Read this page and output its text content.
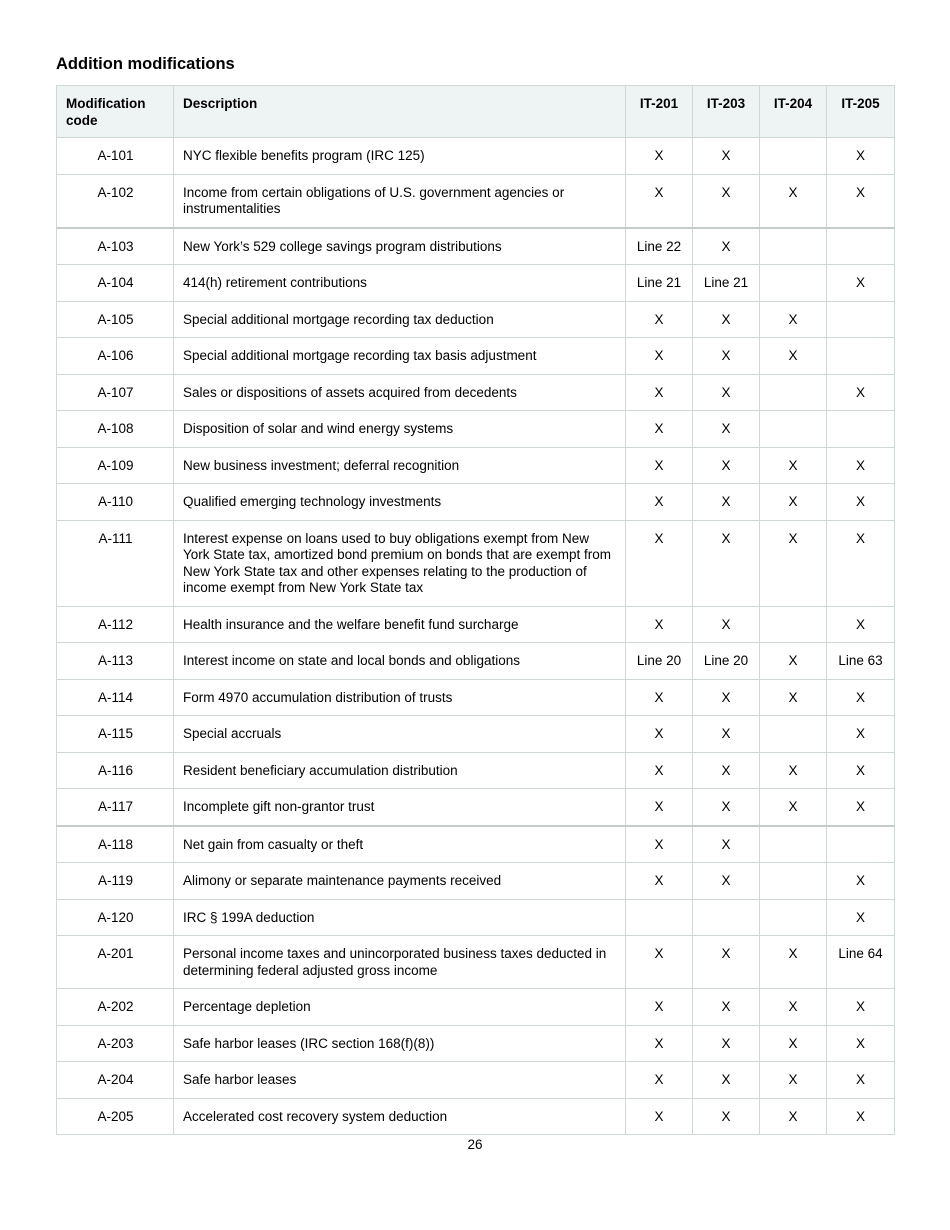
Addition modifications
Modification code	Description	IT-201	IT-203	IT-204	IT-205
A-101	NYC flexible benefits program (IRC 125)	X	X		X
A-102	Income from certain obligations of U.S. government agencies or instrumentalities	X	X	X	X
A-103	New York’s 529 college savings program distributions	Line 22	X		
A-104	414(h) retirement contributions	Line 21	Line 21		X
A-105	Special additional mortgage recording tax deduction	X	X	X	
A-106	Special additional mortgage recording tax basis adjustment	X	X	X	
A-107	Sales or dispositions of assets acquired from decedents	X	X		X
A-108	Disposition of solar and wind energy systems	X	X		
A-109	New business investment; deferral recognition	X	X	X	X
A-110	Qualified emerging technology investments	X	X	X	X
A-111	Interest expense on loans used to buy obligations exempt from New York State tax, amortized bond premium on bonds that are exempt from New York State tax and other expenses relating to the production of income exempt from New York State tax	X	X	X	X
A-112	Health insurance and the welfare benefit fund surcharge	X	X		X
A-113	Interest income on state and local bonds and obligations	Line 20	Line 20	X	Line 63
A-114	Form 4970 accumulation distribution of trusts	X	X	X	X
A-115	Special accruals	X	X		X
A-116	Resident beneficiary accumulation distribution	X	X	X	X
A-117	Incomplete gift non-grantor trust	X	X	X	X
A-118	Net gain from casualty or theft	X	X		
A-119	Alimony or separate maintenance payments received	X	X		X
A-120	IRC § 199A deduction				X
A-201	Personal income taxes and unincorporated business taxes deducted in determining federal adjusted gross income	X	X	X	Line 64
A-202	Percentage depletion	X	X	X	X
A-203	Safe harbor leases (IRC section 168(f)(8))	X	X	X	X
A-204	Safe harbor leases	X	X	X	X
A-205	Accelerated cost recovery system deduction	X	X	X	X
26
